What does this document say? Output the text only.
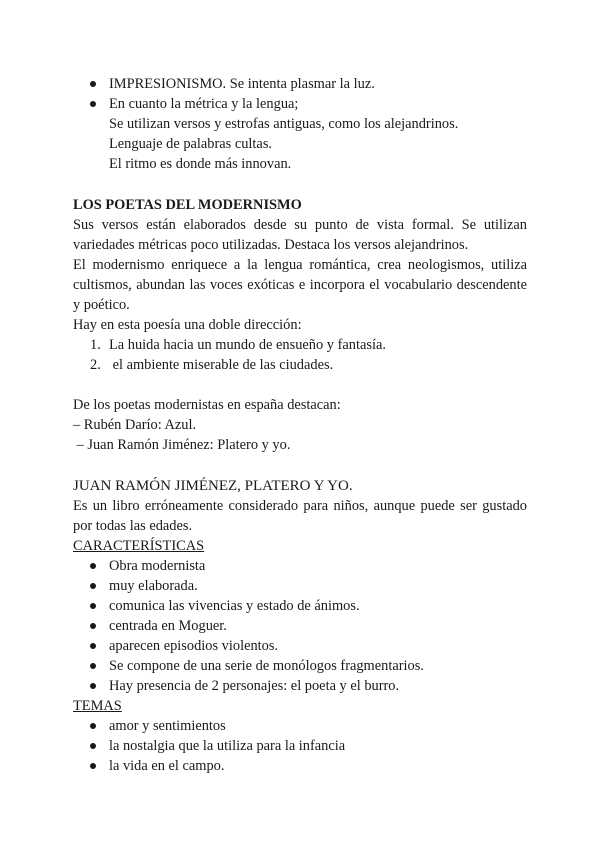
IMPRESIONISMO. Se intenta plasmar la luz.
En cuanto la métrica y la lengua;
Se utilizan versos y estrofas antiguas, como los alejandrinos.
Lenguaje de palabras cultas.
El ritmo es donde más innovan.
LOS POETAS DEL MODERNISMO

Sus versos están elaborados desde su punto de vista formal. Se utilizan variedades métricas poco utilizadas. Destaca los versos alejandrinos.

El modernismo enriquece a la lengua romántica, crea neologismos, utiliza cultismos, abundan las voces exóticas e incorpora el vocabulario descendente y poético.

Hay en esta poesía una doble dirección:

1. La huida hacia un mundo de ensueño y fantasía.
2. el ambiente miserable de las ciudades.

De los poetas modernistas en españa destacan:

– Rubén Darío: Azul.

– Juan Ramón Jiménez: Platero y yo.

JUAN RAMÓN JIMÉNEZ, PLATERO Y YO.

Es un libro erróneamente considerado para niños, aunque puede ser gustado por todas las edades.

CARACTERÍSTICAS
Obra modernista
muy elaborada.
comunica las vivencias y estado de ánimos.
centrada en Moguer.
aparecen episodios violentos.
Se compone de una serie de monólogos fragmentarios.
Hay presencia de 2 personajes: el poeta y el burro.
TEMAS
amor y sentimientos
la nostalgia que la utiliza para la infancia
la vida en el campo.
